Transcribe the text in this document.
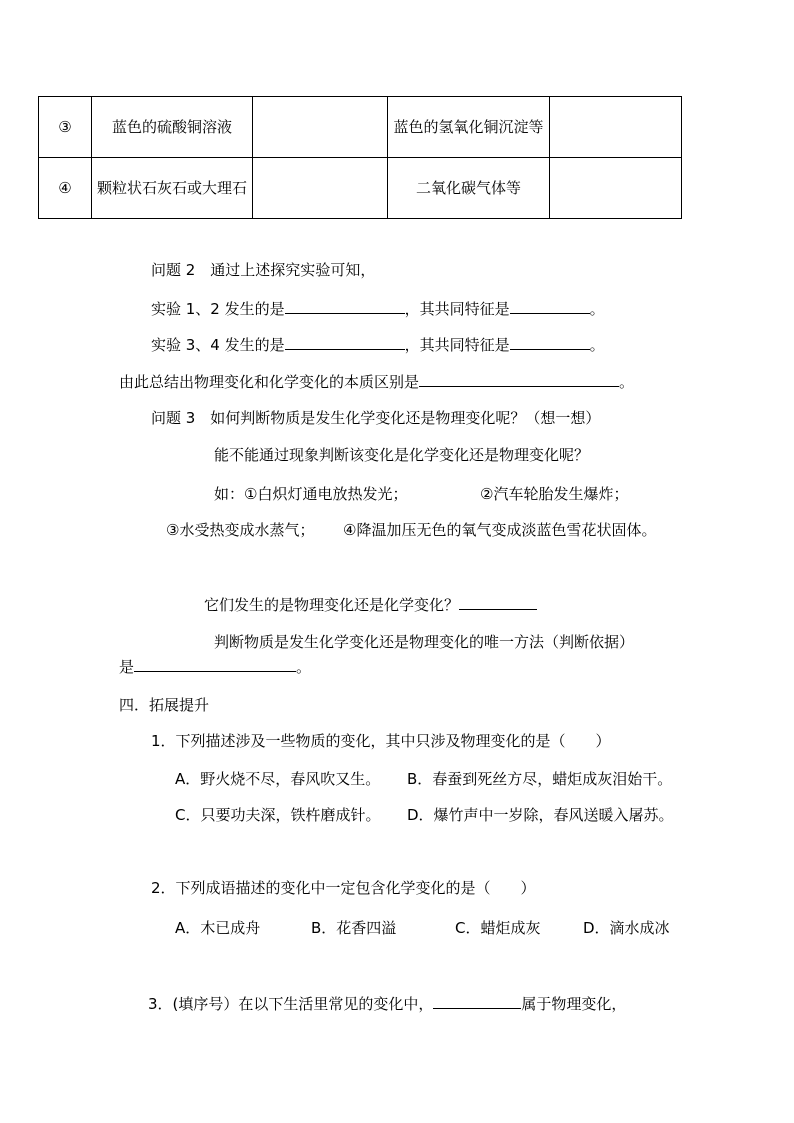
③	蓝色的硫酸铜溶液		蓝色的氢氧化铜沉淀等	
④	颗粒状石灰石或大理石		二氧化碳气体等	
问题 2　通过上述探究实验可知，
实验 1、2 发生的是	，其共同特征是	。
实验 3、4 发生的是	，其共同特征是	。
由此总结出物理变化和化学变化的本质区别是	。
问题 3　如何判断物质是发生化学变化还是物理变化呢？（想一想）
能不能通过现象判断该变化是化学变化还是物理变化呢？
如：①白炽灯通电放热发光；	②汽车轮胎发生爆炸；
③水受热变成水蒸气； ④降温加压无色的氧气变成淡蓝色雪花状固体。
它们发生的是物理变化还是化学变化？
判断物质是发生化学变化还是物理变化的唯一方法（判断依据）
是	。
四．拓展提升
1．下列描述涉及一些物质的变化，其中只涉及物理变化的是（　　）
A．野火烧不尽，春风吹又生。 B．春蚕到死丝方尽，蜡炬成灰泪始干。
C．只要功夫深，铁杵磨成针。 D．爆竹声中一岁除，春风送暖入屠苏。
2．下列成语描述的变化中一定包含化学变化的是（　　）
A．木已成舟	B．花香四溢	C．蜡炬成灰	D．滴水成冰
3．(填序号）在以下生活里常见的变化中，	属于物理变化，
